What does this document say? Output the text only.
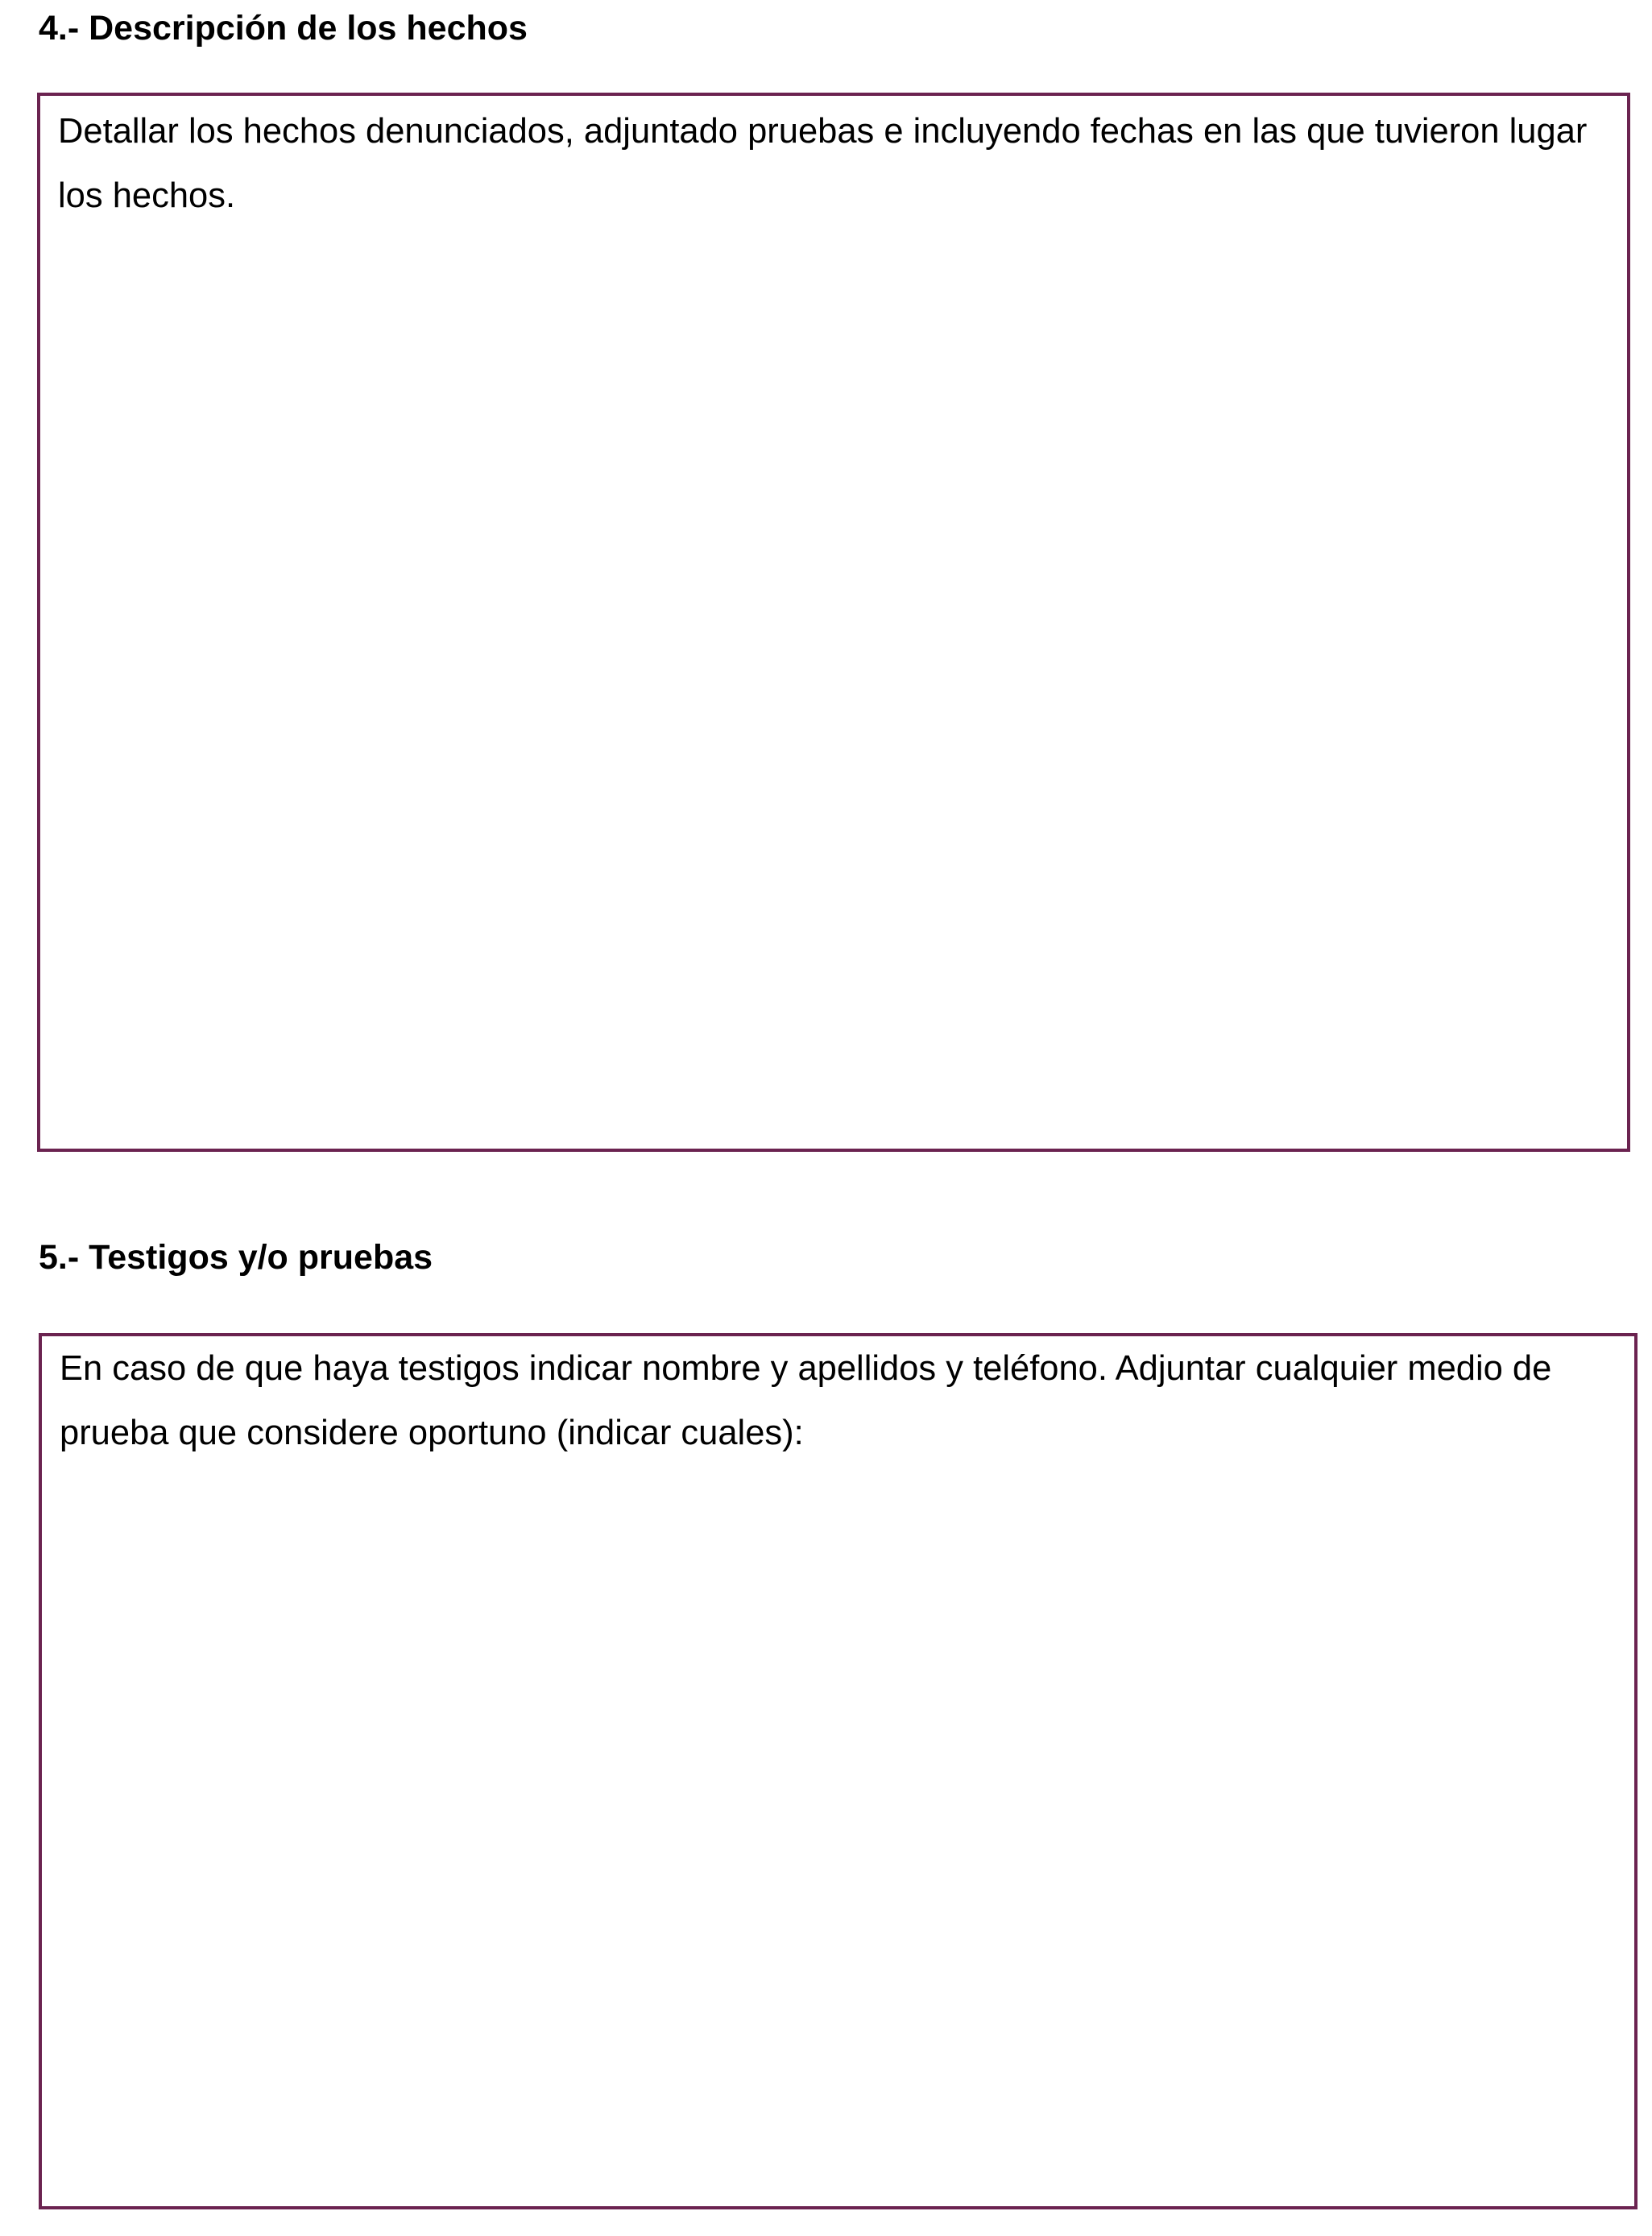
4.- Descripción de los hechos

Detallar los hechos denunciados, adjuntado pruebas e incluyendo fechas en las que tuvieron lugar los hechos.

5.- Testigos y/o pruebas

En caso de que haya testigos indicar nombre y apellidos y teléfono. Adjuntar cualquier medio de prueba que considere oportuno (indicar cuales):
